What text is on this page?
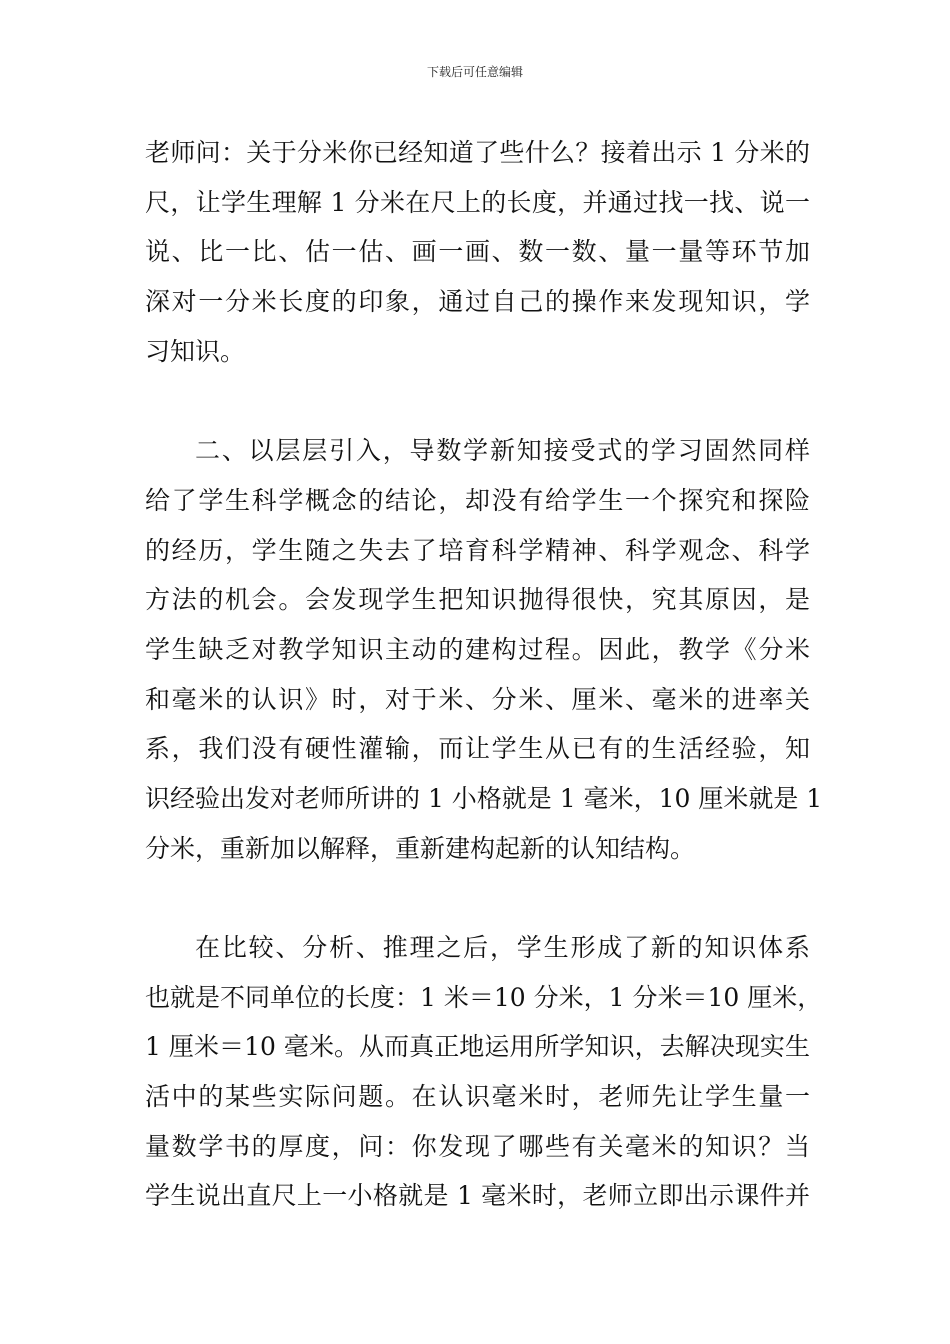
下载后可任意编辑
老师问：关于分米你已经知道了些什么？接着出示 1 分米的
尺，让学生理解 1 分米在尺上的长度，并通过找一找、说一
说、比一比、估一估、画一画、数一数、量一量等环节加
深对一分米长度的印象，通过自己的操作来发现知识，学
习知识。
二、以层层引入，导数学新知接受式的学习固然同样
给了学生科学概念的结论，却没有给学生一个探究和探险
的经历，学生随之失去了培育科学精神、科学观念、科学
方法的机会。会发现学生把知识抛得很快，究其原因，是
学生缺乏对教学知识主动的建构过程。因此，教学《分米
和毫米的认识》时，对于米、分米、厘米、毫米的进率关
系，我们没有硬性灌输，而让学生从已有的生活经验，知
识经验出发对老师所讲的 1 小格就是 1 毫米，10 厘米就是 1
分米，重新加以解释，重新建构起新的认知结构。
在比较、分析、推理之后，学生形成了新的知识体系
也就是不同单位的长度：1 米＝10 分米，1 分米＝10 厘米，
1 厘米＝10 毫米。从而真正地运用所学知识，去解决现实生
活中的某些实际问题。在认识毫米时，老师先让学生量一
量数学书的厚度，问：你发现了哪些有关毫米的知识？当
学生说出直尺上一小格就是 1 毫米时，老师立即出示课件并
